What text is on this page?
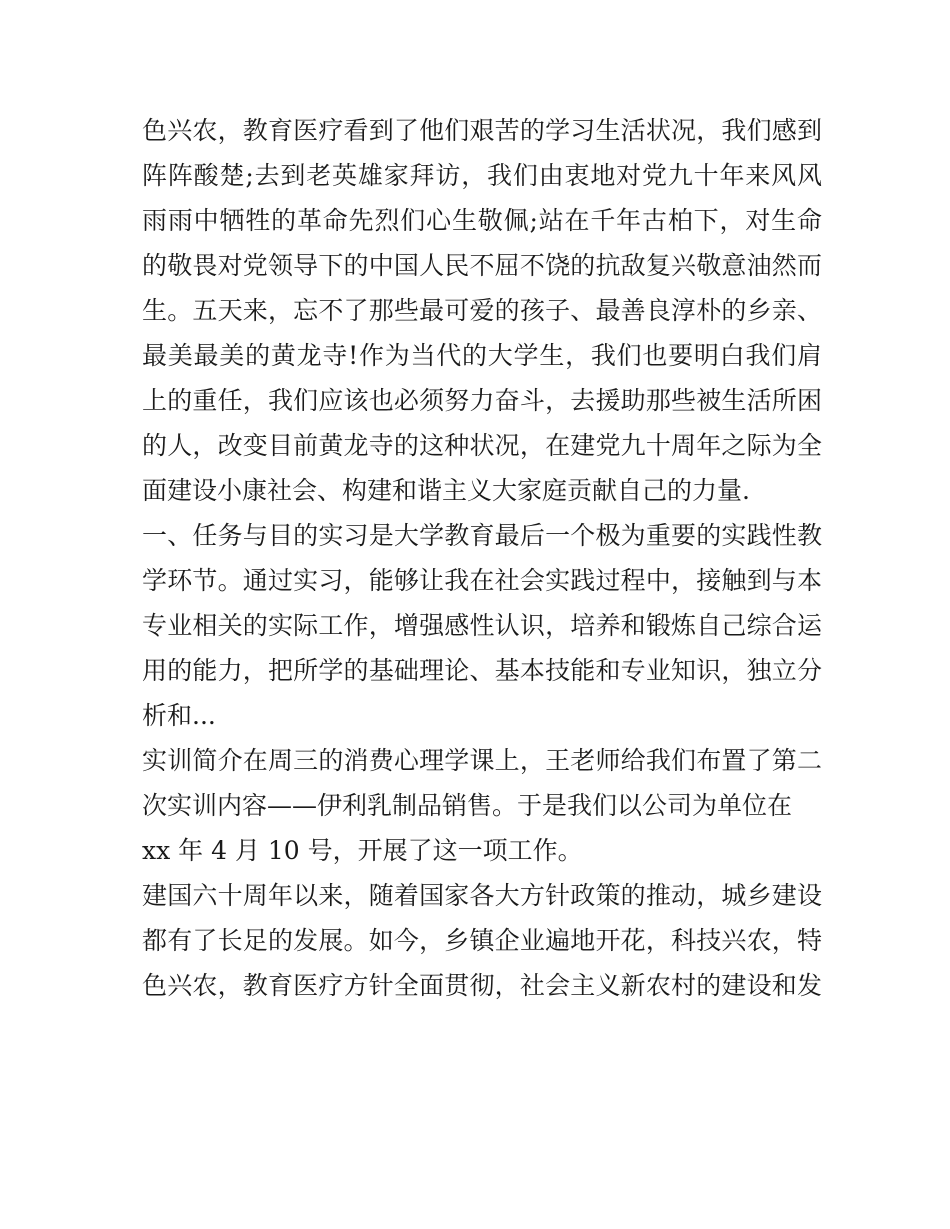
色兴农，教育医疗看到了他们艰苦的学习生活状况，我们感到
阵阵酸楚;去到老英雄家拜访，我们由衷地对党九十年来风风
雨雨中牺牲的革命先烈们心生敬佩;站在千年古柏下，对生命
的敬畏对党领导下的中国人民不屈不饶的抗敌复兴敬意油然而
生。五天来，忘不了那些最可爱的孩子、最善良淳朴的乡亲、
最美最美的黄龙寺!作为当代的大学生，我们也要明白我们肩
上的重任，我们应该也必须努力奋斗，去援助那些被生活所困
的人，改变目前黄龙寺的这种状况，在建党九十周年之际为全
面建设小康社会、构建和谐主义大家庭贡献自己的力量.
一、任务与目的实习是大学教育最后一个极为重要的实践性教
学环节。通过实习，能够让我在社会实践过程中，接触到与本
专业相关的实际工作，增强感性认识，培养和锻炼自己综合运
用的能力，把所学的基础理论、基本技能和专业知识，独立分
析和...
实训简介在周三的消费心理学课上，王老师给我们布置了第二
次实训内容——伊利乳制品销售。于是我们以公司为单位在
xx 年 4 月 10 号，开展了这一项工作。
建国六十周年以来，随着国家各大方针政策的推动，城乡建设
都有了长足的发展。如今，乡镇企业遍地开花，科技兴农，特
色兴农，教育医疗方针全面贯彻，社会主义新农村的建设和发
